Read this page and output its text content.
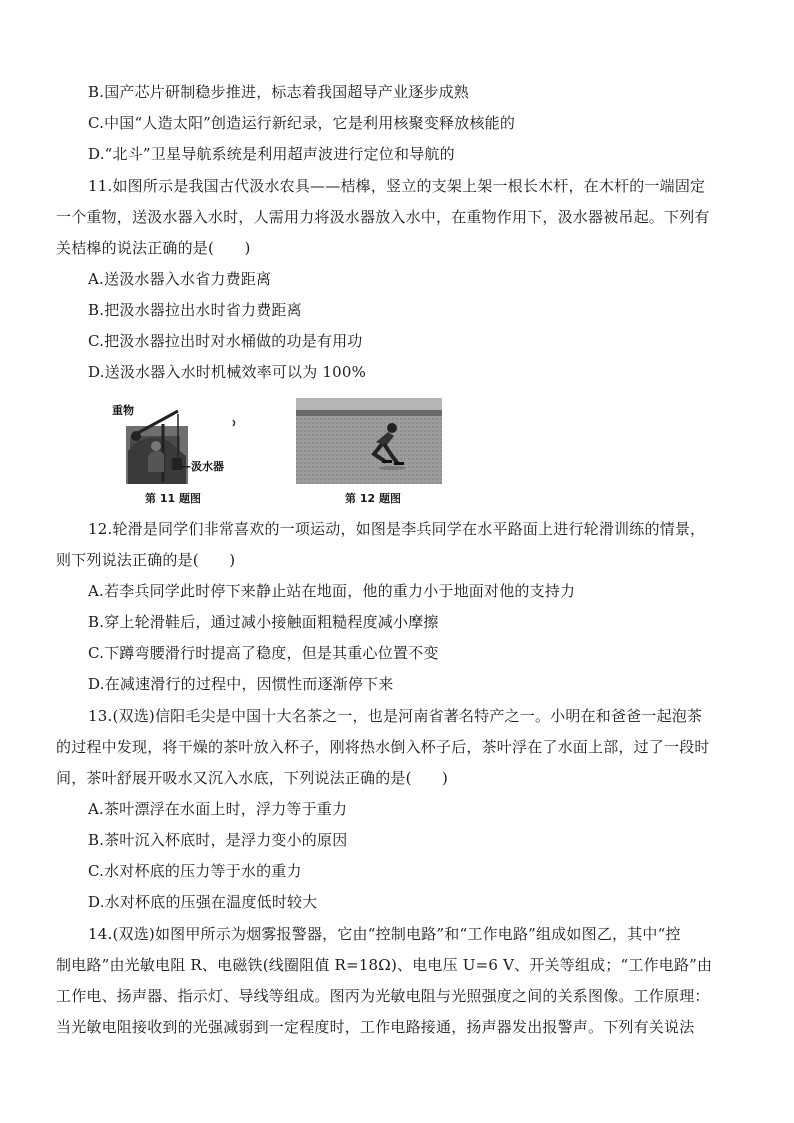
B.国产芯片研制稳步推进，标志着我国超导产业逐步成熟
C.中国“人造太阳”创造运行新纪录，它是利用核聚变释放核能的
D.“北斗”卫星导航系统是利用超声波进行定位和导航的
11.如图所示是我国古代汲水农具——桔槔，竖立的支架上架一根长木杆，在木杆的一端固定
一个重物，送汲水器入水时，人需用力将汲水器放入水中，在重物作用下，汲水器被吊起。下列有
关桔槔的说法正确的是(　　)
A.送汲水器入水省力费距离
B.把汲水器拉出水时省力费距离
C.把汲水器拉出时对水桶做的功是有用功
D.送汲水器入水时机械效率可以为 100%
重物
—汲水器
第 11 题图	第 12 题图
12.轮滑是同学们非常喜欢的一项运动，如图是李兵同学在水平路面上进行轮滑训练的情景，
则下列说法正确的是(　　)
A.若李兵同学此时停下来静止站在地面，他的重力小于地面对他的支持力
B.穿上轮滑鞋后，通过减小接触面粗糙程度减小摩擦
C.下蹲弯腰滑行时提高了稳度，但是其重心位置不变
D.在减速滑行的过程中，因惯性而逐渐停下来
13.(双选)信阳毛尖是中国十大名茶之一，也是河南省著名特产之一。小明在和爸爸一起泡茶
的过程中发现，将干燥的茶叶放入杯子，刚将热水倒入杯子后，茶叶浮在了水面上部，过了一段时
间，茶叶舒展开吸水又沉入水底，下列说法正确的是(　　)
A.茶叶漂浮在水面上时，浮力等于重力
B.茶叶沉入杯底时，是浮力变小的原因
C.水对杯底的压力等于水的重力
D.水对杯底的压强在温度低时较大
14.(双选)如图甲所示为烟雾报警器，它由“控制电路”和“工作电路”组成如图乙，其中“控
制电路”由光敏电阻 R、电磁铁(线圈阻值 R=18Ω)、电电压 U=6 V、开关等组成；“工作电路”由
工作电、扬声器、指示灯、导线等组成。图丙为光敏电阻与光照强度之间的关系图像。工作原理：
当光敏电阻接收到的光强减弱到一定程度时，工作电路接通，扬声器发出报警声。下列有关说法
